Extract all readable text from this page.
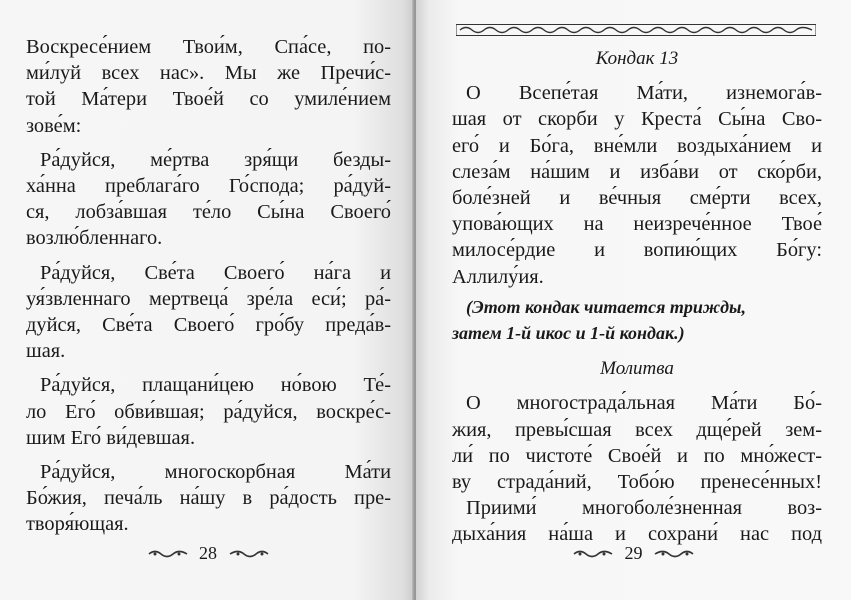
Воскресе́нием Твои́м, Спа́се, по-
ми́луй всех нас». Мы же Пречи́с-
той Ма́тери Твое́й со умиле́нием
зове́м:
Ра́дуйся, ме́ртва зря́щи безды-
ха́нна преблага́го Го́спода; ра́дуй-
ся, лобза́вшая те́ло Сы́на Своего́
возлю́бленнаго.
Ра́дуйся, Све́та Своего́ на́га и
уя́звленнаго мертвеца́ зре́ла еси́; ра́-
дуйся, Све́та Своего́ гро́бу преда́в-
шая.
Ра́дуйся, плащани́цею но́вою Те́-
ло Его́ обви́вшая; ра́дуйся, воскре́с-
шим Его́ ви́девшая.
Ра́дуйся, многоскорбная Ма́ти
Бо́жия, печа́ль на́шу в ра́дость пре-
творя́ющая.
28
Кондак 13
О Всепе́тая Ма́ти, изнемога́в-
шая от скорби у Креста́ Сы́на Сво-
его́ и Бо́га, вне́мли воздыха́нием и
слеза́м на́шим и изба́ви от ско́рби,
боле́зней и ве́чныя сме́рти всех,
упова́ющих на неизрече́нное Твое́
милосе́рдие и вопию́щих Бо́гу:
Аллилу́ия.
(Этот кондак читается трижды,
затем 1-й икос и 1-й кондак.)
Молитва
О многострада́льная Ма́ти Бо́-
жия, превы́сшая всех дще́рей зем-
ли́ по чистоте́ Свое́й и по мно́жест-
ву страда́ний, Тобо́ю пренесе́нных!
Приими́ многоболе́зненная воз-
дыха́ния на́ша и сохрани́ нас под
29
